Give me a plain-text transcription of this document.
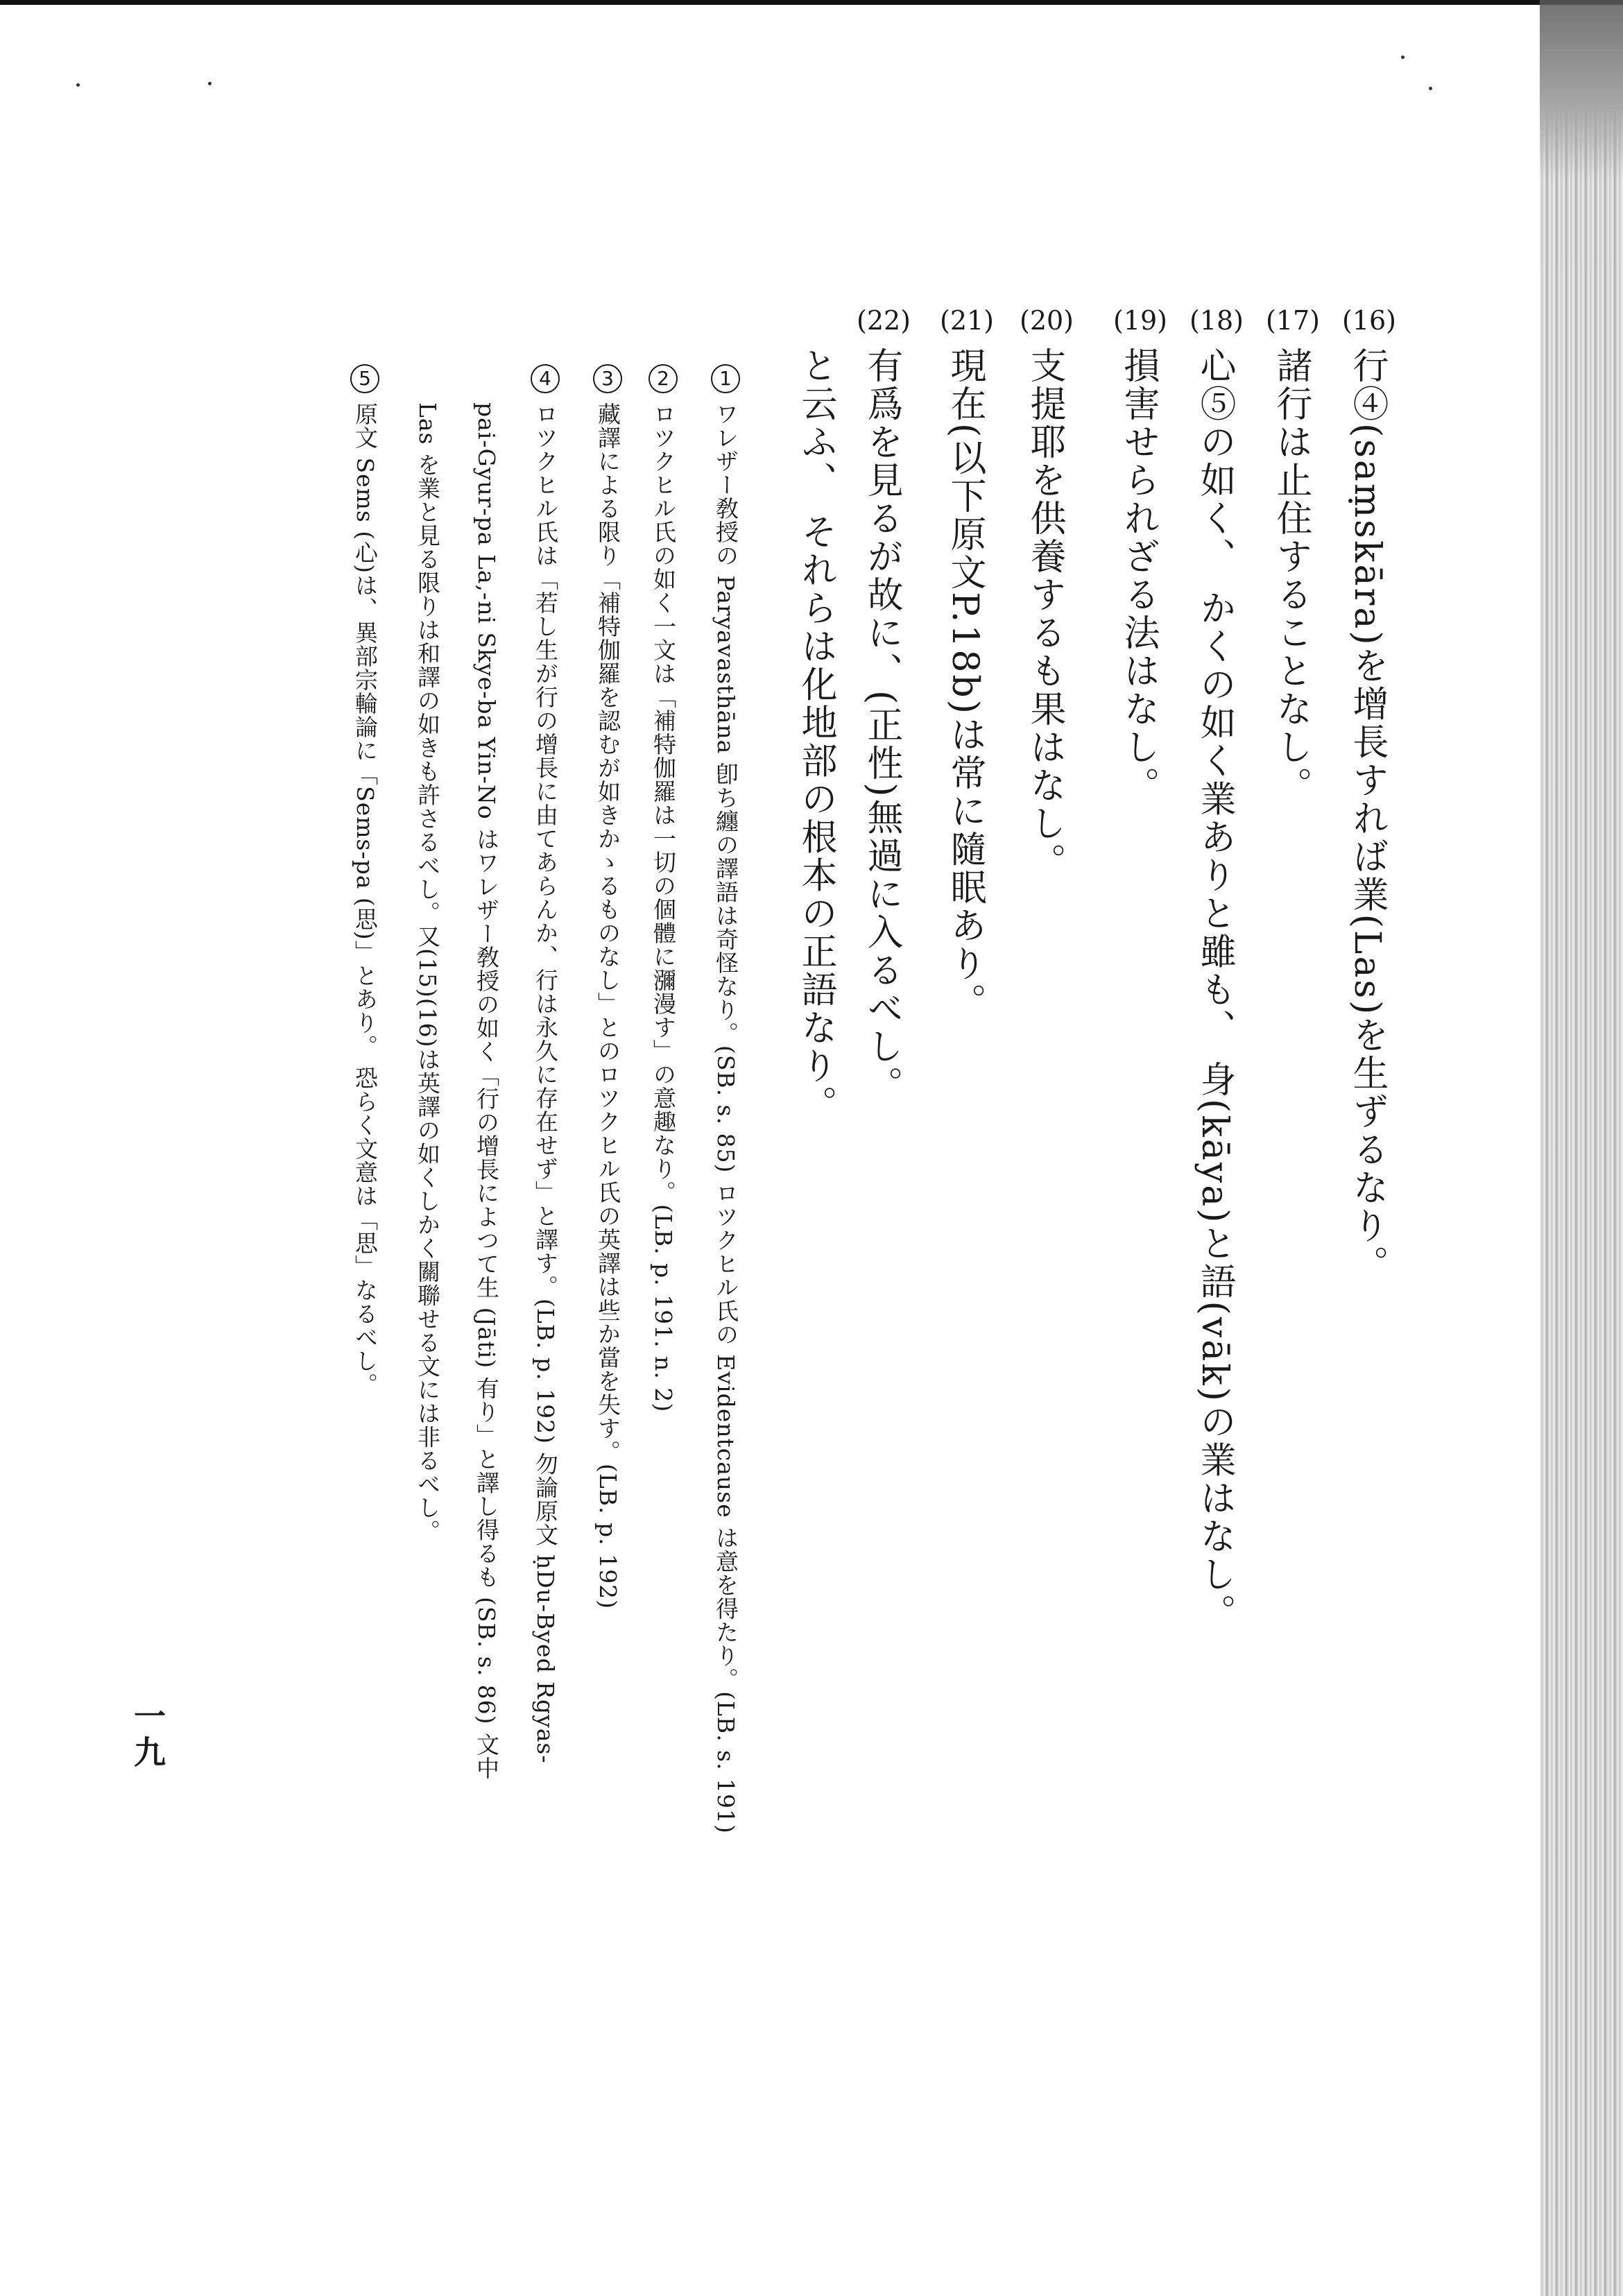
(16)
行④(saṃskāra)を增長すれば業(Las)を生ずるなり。
(17)
諸行は止住することなし。
(18)
心⑤の如く、 かくの如く業ありと雖も、 身(kāya)と語(vāk)の業はなし。
(19)
損害せられざる法はなし。
(20)
支提耶を供養するも果はなし。
(21)
現在(以下原文P.18b)は常に隨眠あり。
(22)
有爲を見るが故に、(正性)無過に入るべし。
と云ふ、 それらは化地部の根本の正語なり。
1
ワレザー敎授の Paryavasthāna 卽ち纏の譯語は奇怪なり。(SB. s. 85) ロツクヒル氏の Evidentcause は意を得たり。(LB. s. 191)
2
ロツクヒル氏の如く一文は「補特伽羅は一切の個體に瀰漫す」の意趣なり。(LB. p. 191. n. 2)
3
藏譯による限り「補特伽羅を認むが如きかゝるものなし」とのロツクヒル氏の英譯は些か當を失す。(LB. p. 192)
4
ロツクヒル氏は「若し生が行の增長に由てあらんか、行は永久に存在せず」と譯す。(LB. p. 192) 勿論原文 ḥDu-Byed Rgyas-
pai-Gyur-pa La,-ni Skye-ba Yin-No はワレザー敎授の如く「行の增長によつて生 (Jāti) 有り」と譯し得るも (SB. s. 86) 文中
Las を業と見る限りは和譯の如きも許さるべし。又(15)(16)は英譯の如くしかく關聯せる文には非るべし。
5
原文 Sems (心)は、異部宗輪論に「Sems-pa (思)」とあり。 恐らく文意は「思」なるべし。
一九
